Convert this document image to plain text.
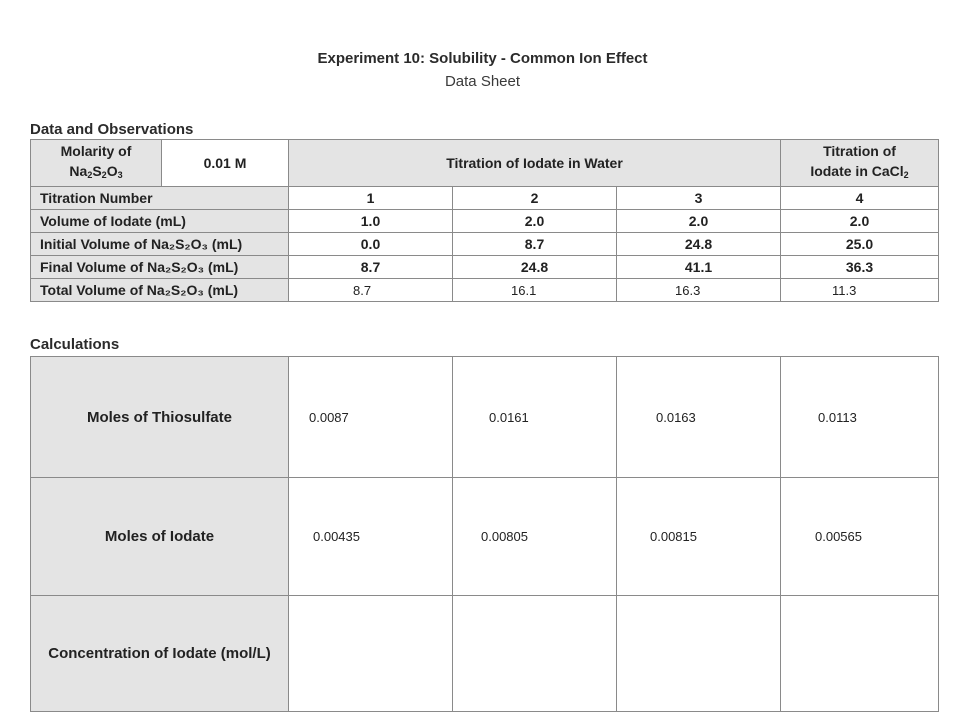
Experiment 10: Solubility - Common Ion Effect
Data Sheet
Data and Observations
Molarity of
$Na_2S_2O_3$	0.01 M	Titration of Iodate in Water			Titration of
Iodate in CaCl$_2$
Titration Number		1	2	3	4
Volume of Iodate (mL)		1.0	2.0	2.0	2.0
Initial Volume of Na₂S₂O₃ (mL)		0.0	8.7	24.8	25.0
Final Volume of Na₂S₂O₃ (mL)		8.7	24.8	41.1	36.3
Total Volume of Na₂S₂O₃ (mL)		8.7	16.1	16.3	11.3
Calculations
Moles of Thiosulfate	0.0087	0.0161	0.0163	0.0113
Moles of Iodate	0.00435	0.00805	0.00815	0.00565
Concentration of Iodate (mol/L)				
